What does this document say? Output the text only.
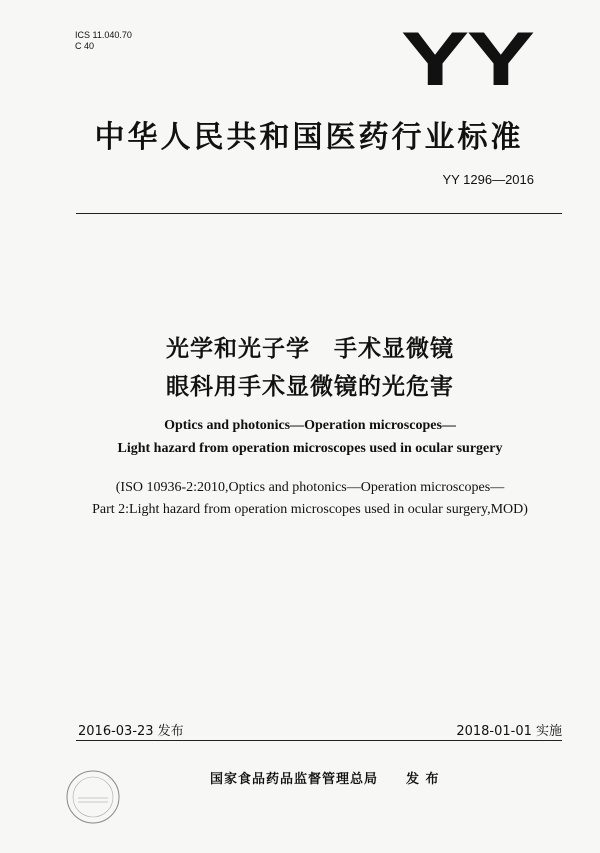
ICS 11.040.70
C 40	YY
中华人民共和国医药行业标准
YY 1296—2016
光学和光子学　手术显微镜
眼科用手术显微镜的光危害
Optics and photonics—Operation microscopes—
Light hazard from operation microscopes used in ocular surgery
(ISO 10936-2:2010,Optics and photonics—Operation microscopes—
Part 2:Light hazard from operation microscopes used in ocular surgery,MOD)
2016-03-23 发布	2018-01-01 实施
国家食品药品监督管理总局 发 布
